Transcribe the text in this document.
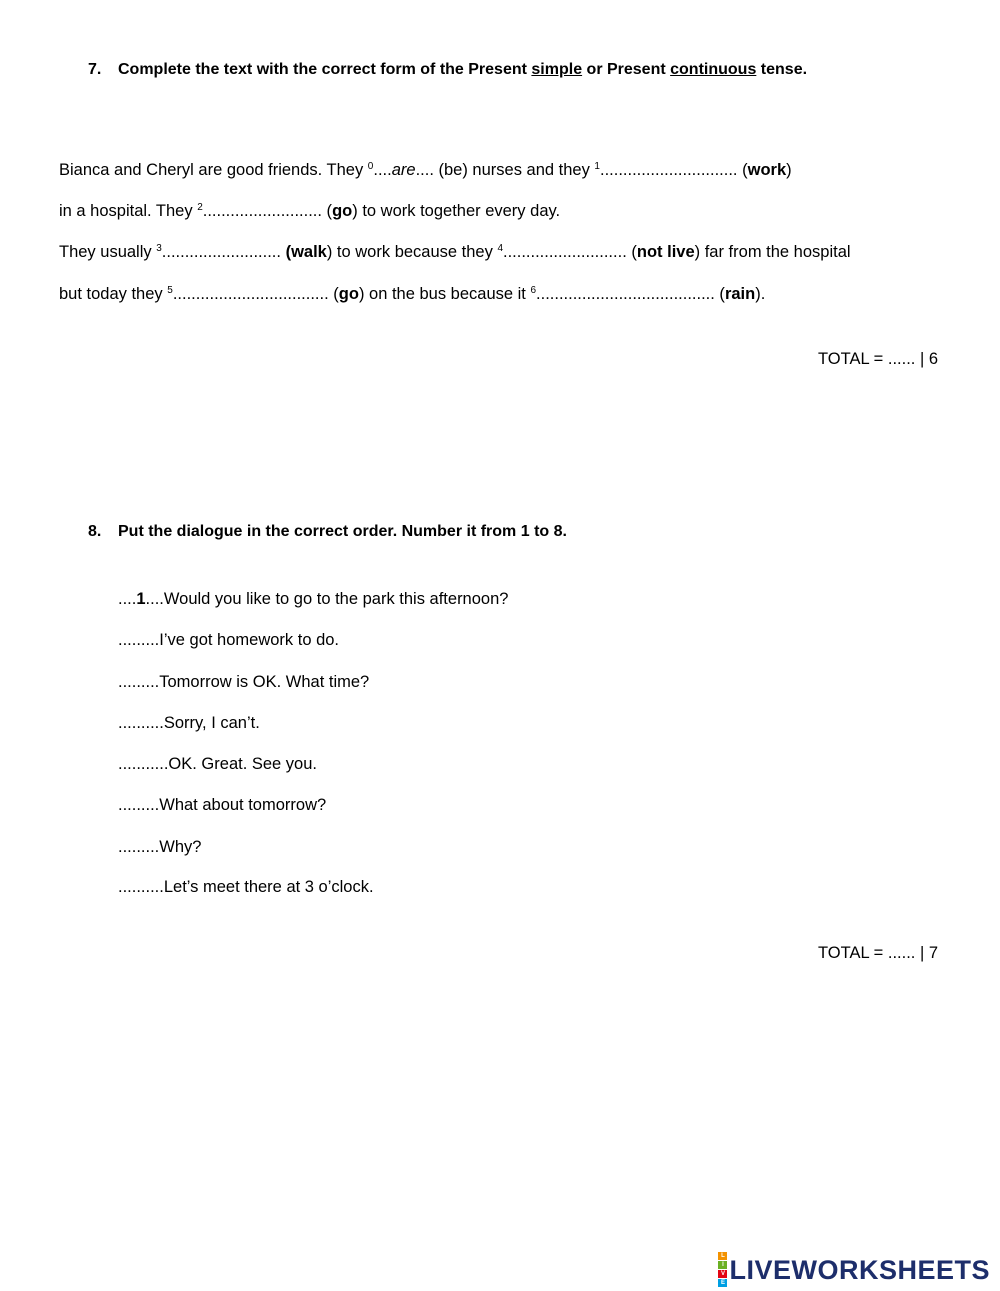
7. Complete the text with the correct form of the Present simple or Present continuous tense.

Bianca and Cheryl are good friends. They $^0$....are.... (be) nurses and they $^1$.............................. (work)
in a hospital. They $^2$.......................... (go) to work together every day.
They usually $^3$.......................... (walk) to work because they $^4$........................... (not live) far from the hospital
but today they $^5$.................................. (go) on the bus because it $^6$....................................... (rain).
TOTAL = ...... | 6

8. Put the dialogue in the correct order. Number it from 1 to 8.

....1....Would you like to go to the park this afternoon?
.........I’ve got homework to do.
.........Tomorrow is OK. What time?
..........Sorry, I can’t.
...........OK. Great. See you.
.........What about tomorrow?
.........Why?
..........Let’s meet there at 3 o’clock.
TOTAL = ...... | 7
L
I
V
E LIVEWORKSHEETS
